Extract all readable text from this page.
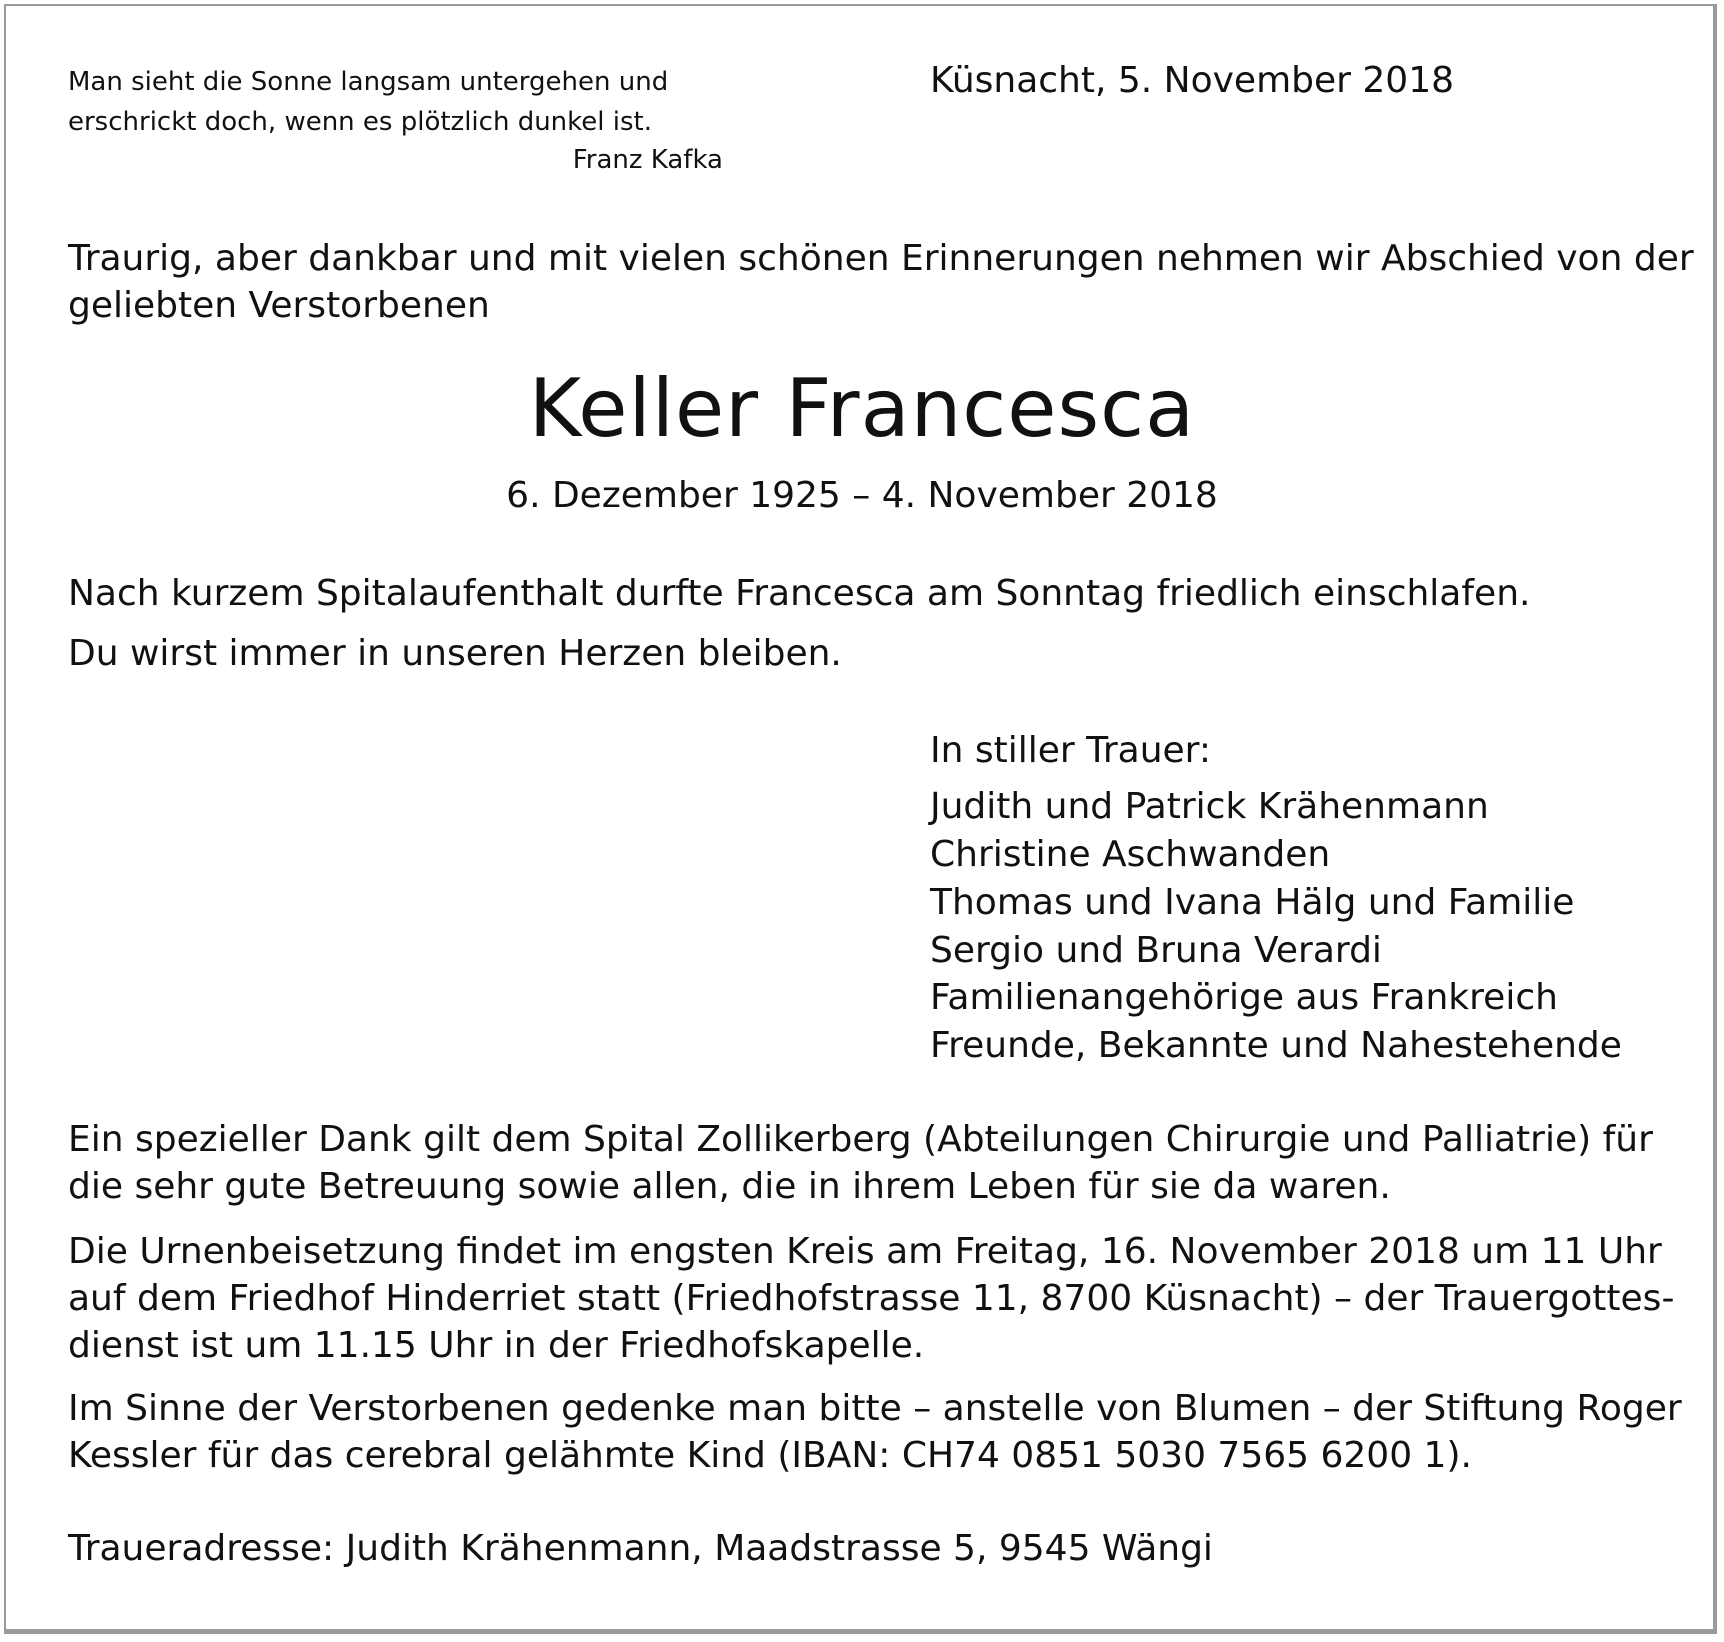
Man sieht die Sonne langsam untergehen und
erschrickt doch, wenn es plötzlich dunkel ist.
Franz Kafka
Küsnacht, 5. November 2018
Traurig, aber dankbar und mit vielen schönen Erinnerungen nehmen wir Abschied von der
geliebten Verstorbenen
Keller Francesca
6. Dezember 1925 – 4. November 2018
Nach kurzem Spitalaufenthalt durfte Francesca am Sonntag friedlich einschlafen.
Du wirst immer in unseren Herzen bleiben.
In stiller Trauer:
Judith und Patrick Krähenmann
Christine Aschwanden
Thomas und Ivana Hälg und Familie
Sergio und Bruna Verardi
Familienangehörige aus Frankreich
Freunde, Bekannte und Nahestehende
Ein spezieller Dank gilt dem Spital Zollikerberg (Abteilungen Chirurgie und Palliatrie) für
die sehr gute Betreuung sowie allen, die in ihrem Leben für sie da waren.
Die Urnenbeisetzung findet im engsten Kreis am Freitag, 16. November 2018 um 11 Uhr
auf dem Friedhof Hinderriet statt (Friedhofstrasse 11, 8700 Küsnacht) – der Trauergottes-
dienst ist um 11.15 Uhr in der Friedhofskapelle.
Im Sinne der Verstorbenen gedenke man bitte – anstelle von Blumen – der Stiftung Roger
Kessler für das cerebral gelähmte Kind (IBAN: CH74 0851 5030 7565 6200 1).
Traueradresse: Judith Krähenmann, Maadstrasse 5, 9545 Wängi
